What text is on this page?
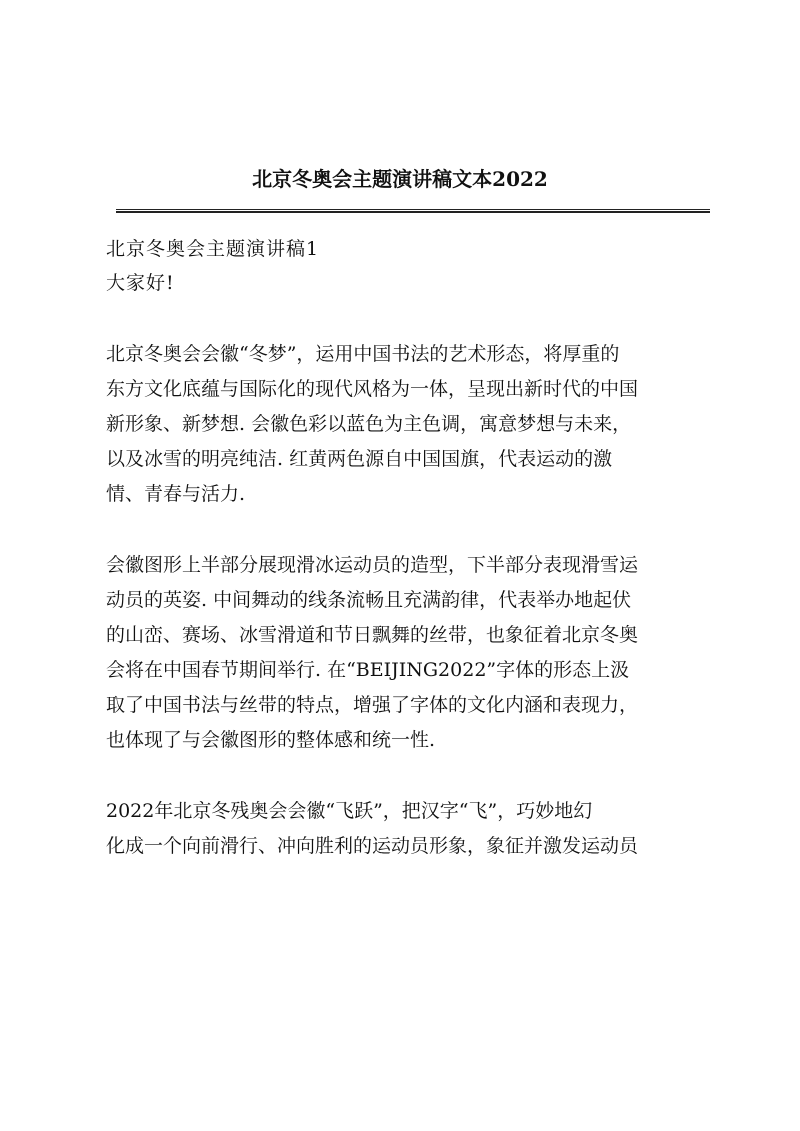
北京冬奥会主题演讲稿文本2022

北京冬奥会主题演讲稿1

大家好!

北京冬奥会会徽“冬梦”，运用中国书法的艺术形态，将厚重的
东方文化底蕴与国际化的现代风格为一体，呈现出新时代的中国
新形象、新梦想. 会徽色彩以蓝色为主色调，寓意梦想与未来，
以及冰雪的明亮纯洁. 红黄两色源自中国国旗，代表运动的激
情、青春与活力.

会徽图形上半部分展现滑冰运动员的造型，下半部分表现滑雪运
动员的英姿. 中间舞动的线条流畅且充满韵律，代表举办地起伏
的山峦、赛场、冰雪滑道和节日飘舞的丝带，也象征着北京冬奥
会将在中国春节期间举行. 在“BEIJING2022”字体的形态上汲
取了中国书法与丝带的特点，增强了字体的文化内涵和表现力，
也体现了与会徽图形的整体感和统一性.

2022年北京冬残奥会会徽“飞跃”，把汉字“飞”，巧妙地幻
化成一个向前滑行、冲向胜利的运动员形象，象征并激发运动员
